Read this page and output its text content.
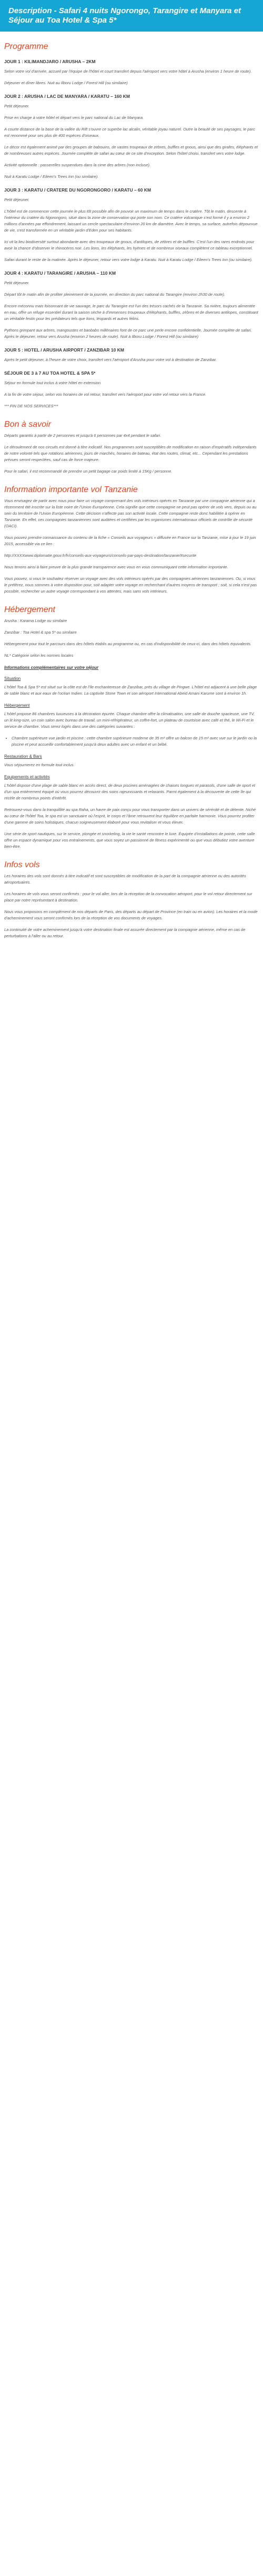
Description - Safari 4 nuits Ngorongo, Tarangire et Manyara et Séjour au Toa Hotel & Spa 5*
Programme
JOUR 1 : KILIMANDJARO / ARUSHA – 2KM

Selon votre vol d'arrivée, accueil par l'équipe de l'hôtel et court transfert depuis l'aéroport vers votre hôtel à Arusha (environ 1 heure de route).

Déjeuner et dîner libres. Nuit au Ilboru Lodge / Forest Hill (ou similaire)

JOUR 2 : ARUSHA / LAC DE MANYARA / KARATU – 160 KM

Petit déjeuner.

Prise en charge à votre hôtel et départ vers le parc national du Lac de Manyara.

A courte distance de la base de la vallée du Rift s'ouvre ce superbe lac alcalin, véritable joyau naturel. Outre la beauté de ses paysages, le parc est renommé pour ses plus de 400 espèces d'oiseaux.

Le décor est également animé par des groupes de babouins, de vastes troupeaux de zèbres, buffles et gnous, ainsi que des girafes, éléphants et de nombreuses autres espèces. Journée complète de safari au cœur de ce site d'exception. Selon l'hôtel choisi, transfert vers votre lodge.

Activité optionnelle : passerelles suspendues dans la cime des arbres (non incluse).

Nuit à Karatu Lodge / Eileen's Trees Inn (ou similaire).

JOUR 3 : KARATU / CRATERE DU NGORONGORO / KARATU – 60 KM

Petit déjeuner.

L'hôtel est de commencer cette journée le plus tôt possible afin de pouvoir un maximum de temps dans le cratère. Tôt le matin, descente à l'intérieur du cratère du Ngorongoro, situé dans la zone de conservation qui porte son nom. Ce cratère volcanique s'est formé il y a environ 2 millions d'années par effondrement, laissant un cercle spectaculaire d'environ 20 km de diamètre. Avec le temps, sa surface, autrefois dépourvue de vie, s'est transformée en un véritable jardin d'Eden pour ses habitants.

Ici vit la lieu biodiversité surtout abondante avec des troupeaux de gnous, d'antilopes, de zèbres et de buffles. C'est l'un des rares endroits pour avoir la chance d'observer le rhinocéros noir. Les lions, les éléphants, les hyènes et de nombreux oiseaux complètent ce tableau exceptionnel.

Safari durant le reste de la matinée. Après le déjeuner, retour vers votre lodge à Karatu. Nuit à Karatu Lodge / Eileen's Trees Inn (ou similaire).

JOUR 4 : KARATU / TARANGIRE / ARUSHA – 110 KM

Petit déjeuner.

Départ tôt le matin afin de profiter pleinement de la journée, en direction du parc national du Tarangire (environ 2h30 de route).

Encore méconnu mais foisonnant de vie sauvage, le parc du Tarangire est l'un des trésors cachés de la Tanzanie. Sa rivière, toujours alimentée en eau, offre un refuge essentiel durant la saison sèche à d'immenses troupeaux d'éléphants, buffles, zèbres et de diverses antilopes, constituant un véritable festin pour les prédateurs tels que lions, léopards et autres félins.

Pythons grimpant aux arbres, mangoustes et baobabs millénaires font de ce parc une perle encore confidentielle. Journée complète de safari. Après le déjeuner, retour vers Arusha (environ 2 heures de route). Nuit à Ilboru Lodge / Forest Hill (ou similaire)

JOUR 5 : HOTEL / ARUSHA AIRPORT / ZANZIBAR 10 KM

Après le petit déjeuner, à l'heure de votre choix, transfert vers l'aéroport d'Arusha pour votre vol à destination de Zanzibar.

SÉJOUR DE 3 à 7 AU TOA HOTEL & SPA 5*

Séjour en formule tout inclus à votre hôtel en extension.

A la fin de votre séjour, selon vos horaires de vol retour, transfert vers l'aéroport pour votre vol retour vers la France.

*** FIN DE NOS SERVICES***

Bon à savoir

Départs garantis à partir de 2 personnes et jusqu'à 6 personnes par 4x4 pendant le safari.

Le déroulement de nos circuits est donné à titre indicatif. Nos programmes sont susceptibles de modification en raison d'impératifs indépendants de notre volonté tels que rotations aériennes, jours de marchés, horaires de bateau, état des routes, climat, etc... Cependant les prestations prévues seront respectées, sauf cas de force majeure.

Pour le safari, il est recommandé de prendre un petit bagage car poids limité à 15Kg / personne.

Information importante vol Tanzanie

Vous envisagez de partir avec nous pour faire un voyage comprenant des vols intérieurs opérés en Tanzanie par une compagnie aérienne qui a récemment été inscrite sur la liste noire de l'Union Européenne. Cela signifie que cette compagnie ne peut pas opérer de vols vers, depuis ou au sein du territoire de l'Union Européenne. Cette décision n'affecte pas son activité locale. Cette compagnie reste donc habilitée à opérer en Tanzanie. En effet, ces compagnies tanzaniennes sont auditées et certifiées par les organismes internationaux officiels de contrôle de sécurité (OACI).

Vous pouvez prendre connaissance du contenu de la fiche « Conseils aux voyageurs » diffusée en France sur la Tanzanie, mise à jour le 19 juin 2015, accessible via ce lien :

http://XXXXwww.diplomatie.gouv.fr/fr/conseils-aux-voyageurs/conseils-par-pays-destination/tanzanie/#securite

Nous tenons ainsi à faire preuve de la plus grande transparence avec vous en vous communiquant cette information importante.

Vous pouvez, si vous le souhaitez réserver un voyage avec des vols intérieurs opérés par des compagnies aériennes tanzaniennes. Ou, si vous le préférez, nous sommes à votre disposition pour, soit adapter votre voyage en recherchant d'autres moyens de transport ; soit, si cela n'est pas possible, rechercher un autre voyage correspondant à vos attentes, mais sans vols intérieurs.

Hébergement

Arusha : Karama Lodge ou similaire

Zanzibar : Toa Hotel & spa 5* ou similaire

Hébergement pour tout le parcours dans des hôtels établis au programme ou, en cas d'indisponibilité de ceux-ci, dans des hôtels équivalents.

NL* Catégorie selon les normes locales

Informations complémentaires sur votre séjour
Situation

L'hôtel Toa & Spa 5* est situé sur la côte est de l'île enchanteresse de Zanzibar, près du village de Pingwe. L'hôtel est adjacent à une belle plage de sable blanc et aux eaux de l'océan Indien. La captivite Stone Town et son aéroport International Abeid Amani Karume sont à environ 1h.

Hébergement

L'hôtel propose 86 chambres luxueuses à la décoration épurée. Chaque chambre offre la climatisation, une salle de douche spacieuse, une TV, un lit king-size, un coin salon avec bureau de travail, un mini-réfrigérateur, un coffre-fort, un plateau de courtoisie avec café et thé, le Wi-Fi et le service de chambre. Vous serez logés dans une des catégories suivantes :

• Chambre supérieure vue jardin et piscine : cette chambre supérieure moderne de 35 m² offre un balcon de 15 m² avec vue sur le jardin ou la piscine et peut accueillir confortablement jusqu'à deux adultes avec un enfant et un bébé.
Restauration & Bars

Vous séjournerez en formule tout inclus.

Equipements et activités

L'hôtel dispose d'une plage de sable blanc en accès direct, de deux piscines aménagées de chaises longues et parasols, d'une salle de sport et d'un spa entièrement équipé où vous pourrez découvrir des soins rajeunissants et relaxants. Parmi également à la découverte de cette île qui recèle de nombreux points d'intérêt.

Retrouvez-vous dans la tranquillité au spa Raha, un havre de paix conçu pour vous transporter dans un univers de sérénité et de détente. Niché au cœur de l'hôtel Toa, le spa est un sanctuaire où l'esprit, le corps et l'âme retrouvent leur équilibre en parfaite harmonie. Vous pourrez profiter d'une gamme de soins holistiques, chacun soigneusement élaboré pour vous revitaliser et vous élever.

Une série de sport nautiques, sur le service, plongée et snorkeling, la vie le santé rencontre le luxe. Équipée d'installations de pointe, cette salle offre un espace dynamique pour vos entraînements, que vous soyez un passionné de fitness expérimenté ou que vous débutiez votre aventure bien-être.

Infos vols

Les horaires des vols sont donnés à titre indicatif et sont susceptibles de modification de la part de la compagnie aérienne ou des autorités aéroportuaires.

Les horaires de vols vous seront confirmés : pour le vol aller, lors de la réception de la convocation aéroport, pour le vol retour directement sur place par notre représentant à destination.

Nous vous proposons en complément de nos départs de Paris, des départs au départ de Province (en train ou en avion). Les horaires et la mode d'acheminement vous seront confirmés lors de la réception de vos documents de voyages.

La continuité de votre acheminement jusqu'à votre destination finale est assurée directement par la compagnie aérienne, même en cas de perturbations à l'aller ou au retour.
